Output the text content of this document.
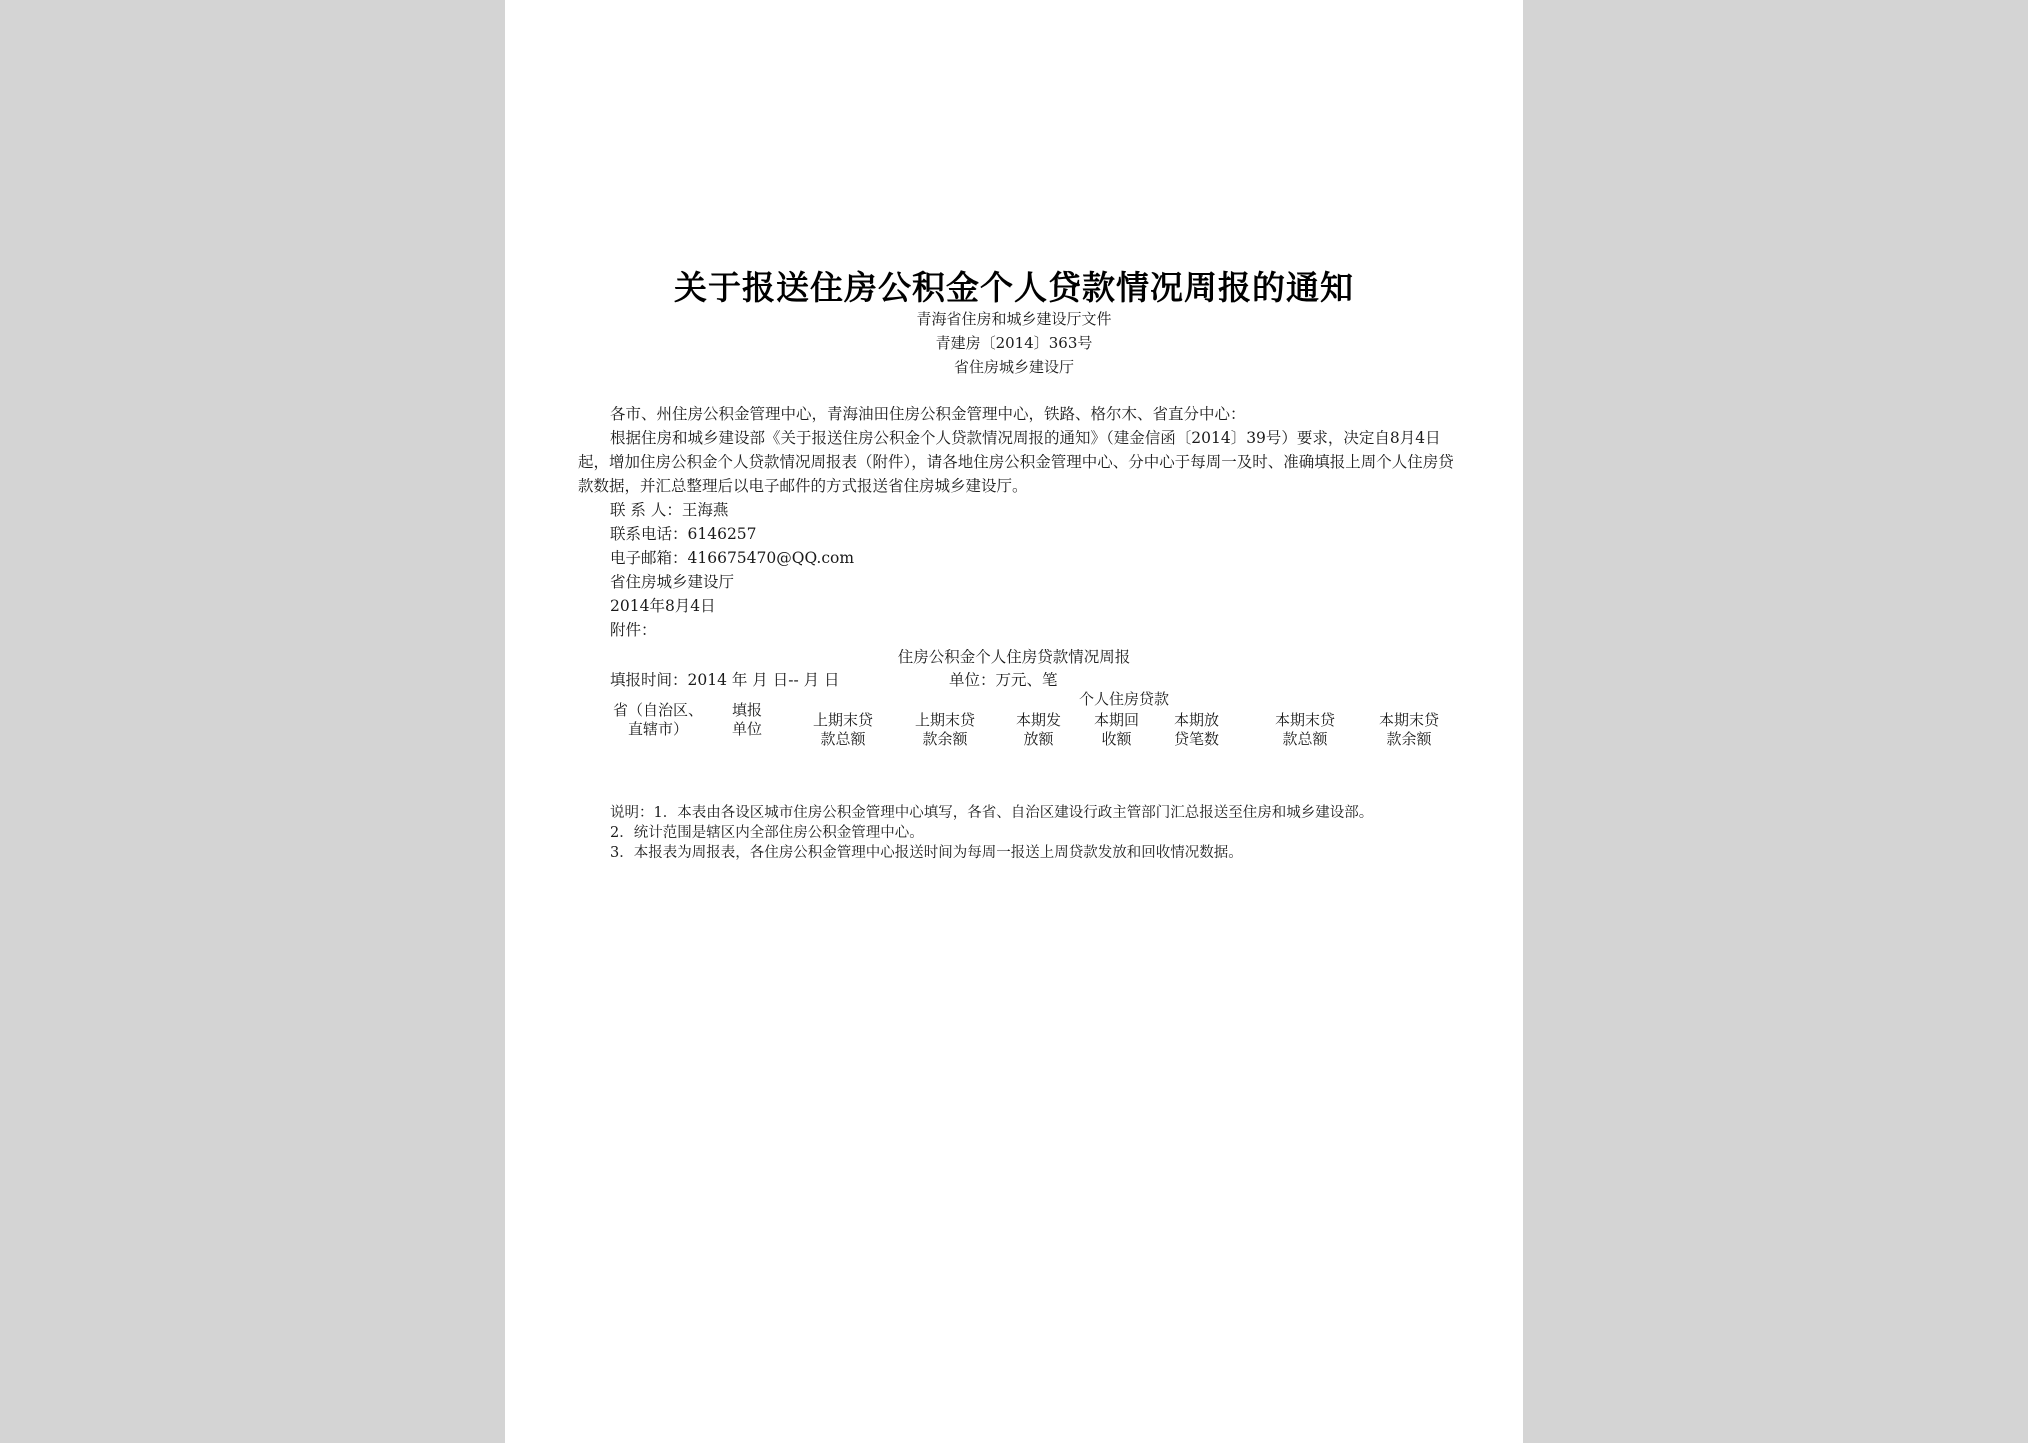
关于报送住房公积金个人贷款情况周报的通知
青海省住房和城乡建设厅文件
青建房〔2014〕363号
省住房城乡建设厅
各市、州住房公积金管理中心，青海油田住房公积金管理中心，铁路、格尔木、省直分中心：
根据住房和城乡建设部《关于报送住房公积金个人贷款情况周报的通知》（建金信函〔2014〕39号）要求，决定自8月4日起，增加住房公积金个人贷款情况周报表（附件），请各地住房公积金管理中心、分中心于每周一及时、准确填报上周个人住房贷款数据，并汇总整理后以电子邮件的方式报送省住房城乡建设厅。
联 系 人：王海燕
联系电话：6146257
电子邮箱：416675470@QQ.com
省住房城乡建设厅
2014年8月4日
附件：
住房公积金个人住房贷款情况周报
填报时间：2014 年 月 日-- 月 日	单位：万元、笔
个人住房贷款
省（自治区、
直辖市）
填报
单位	上期末贷
款总额
上期末贷
款余额
本期发
放额
本期回
收额
本期放
贷笔数
本期末贷
款总额
本期末贷
款余额
说明：1．本表由各设区城市住房公积金管理中心填写，各省、自治区建设行政主管部门汇总报送至住房和城乡建设部。
2．统计范围是辖区内全部住房公积金管理中心。
3．本报表为周报表，各住房公积金管理中心报送时间为每周一报送上周贷款发放和回收情况数据。
